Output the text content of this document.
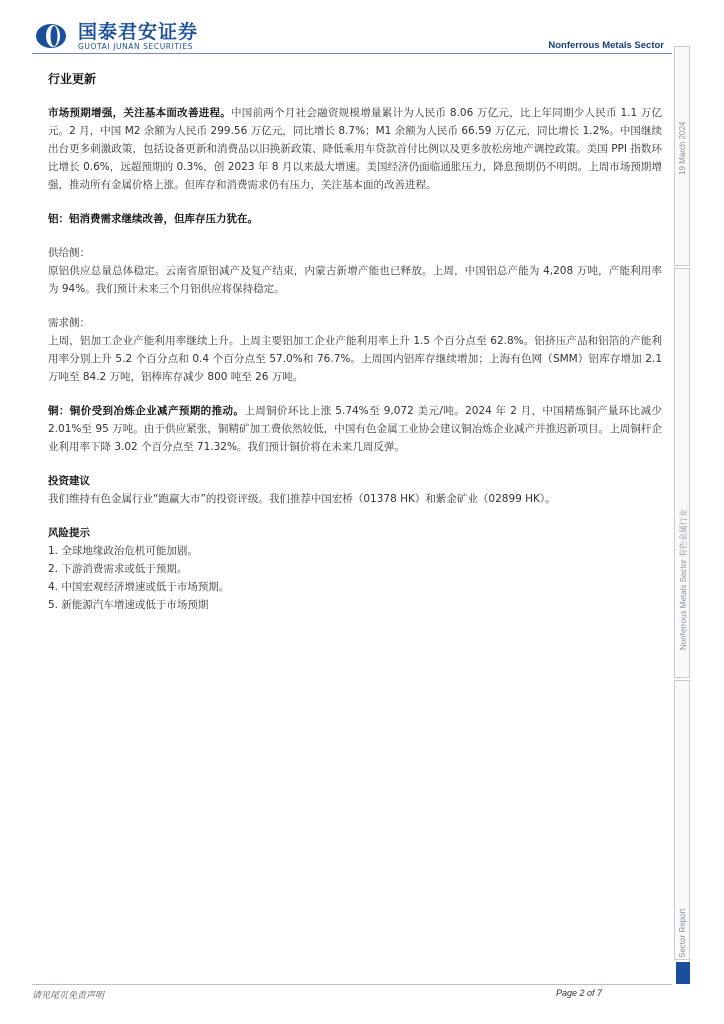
国泰君安证券
GUOTAI JUNAN SECURITIES	Nonferrous Metals Sector
19 March 2024
Nonferrous Metals Sector 有色金属行业
Sector Report

行业更新

市场预期增强，关注基本面改善进程。中国前两个月社会融资规模增量累计为人民币 8.06 万亿元，比上年同期少人民币 1.1 万亿元。2 月，中国 M2 余额为人民币 299.56 万亿元，同比增长 8.7%；M1 余额为人民币 66.59 万亿元，同比增长 1.2%。中国继续出台更多刺激政策，包括设备更新和消费品以旧换新政策、降低乘用车贷款首付比例以及更多放松房地产调控政策。美国 PPI 指数环比增长 0.6%，远超预期的 0.3%，创 2023 年 8 月以来最大增速。美国经济仍面临通胀压力，降息预期仍不明朗。上周市场预期增强，推动所有金属价格上涨。但库存和消费需求仍有压力，关注基本面的改善进程。

铝：铝消费需求继续改善，但库存压力犹在。

供给侧：

原铝供应总量总体稳定。云南省原铝减产及复产结束，内蒙古新增产能也已释放。上周，中国铝总产能为 4,208 万吨，产能利用率为 94%。我们预计未来三个月铝供应将保持稳定。

需求侧：

上周，铝加工企业产能利用率继续上升。上周主要铝加工企业产能利用率上升 1.5 个百分点至 62.8%。铝挤压产品和铝箔的产能利用率分别上升 5.2 个百分点和 0.4 个百分点至 57.0%和 76.7%。上周国内铝库存继续增加；上海有色网（SMM）铝库存增加 2.1 万吨至 84.2 万吨，铝棒库存减少 800 吨至 26 万吨。

铜：铜价受到冶炼企业减产预期的推动。上周铜价环比上涨 5.74%至 9,072 美元/吨。2024 年 2 月，中国精炼铜产量环比减少 2.01%至 95 万吨。由于供应紧张，铜精矿加工费依然较低，中国有色金属工业协会建议铜冶炼企业减产并推迟新项目。上周铜杆企业利用率下降 3.02 个百分点至 71.32%。我们预计铜价将在未来几周反弹。

投资建议

我们维持有色金属行业“跑赢大市”的投资评级。我们推荐中国宏桥（01378 HK）和紫金矿业（02899 HK）。

风险提示

1. 全球地缘政治危机可能加剧。
2. 下游消费需求或低于预期。
4. 中国宏观经济增速或低于市场预期。
5. 新能源汽车增速或低于市场预期
请见尾页免责声明	Page 2 of 7
